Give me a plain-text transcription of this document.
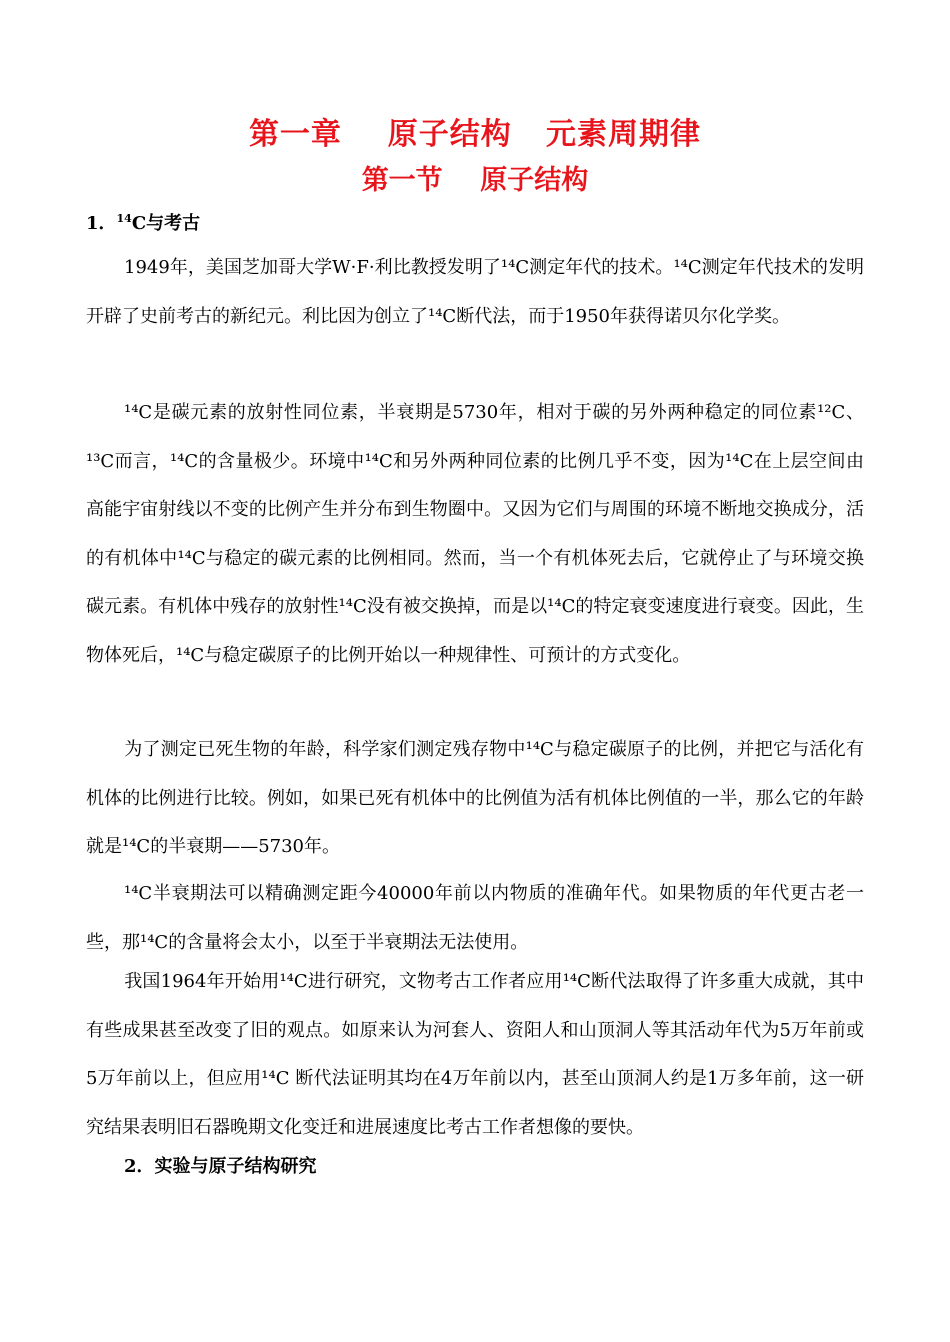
第一章    原子结构   元素周期律
第一节    原子结构
1．$^{14}$C与考古
1949年，美国芝加哥大学W·F·利比教授发明了¹⁴C测定年代的技术。¹⁴C测定年代技术的发明开辟了史前考古的新纪元。利比因为创立了¹⁴C断代法，而于1950年获得诺贝尔化学奖。
¹⁴C是碳元素的放射性同位素，半衰期是5730年，相对于碳的另外两种稳定的同位素¹²C、¹³C而言，¹⁴C的含量极少。环境中¹⁴C和另外两种同位素的比例几乎不变，因为¹⁴C在上层空间由高能宇宙射线以不变的比例产生并分布到生物圈中。又因为它们与周围的环境不断地交换成分，活的有机体中¹⁴C与稳定的碳元素的比例相同。然而，当一个有机体死去后，它就停止了与环境交换碳元素。有机体中残存的放射性¹⁴C没有被交换掉，而是以¹⁴C的特定衰变速度进行衰变。因此，生物体死后，¹⁴C与稳定碳原子的比例开始以一种规律性、可预计的方式变化。
为了测定已死生物的年龄，科学家们测定残存物中¹⁴C与稳定碳原子的比例，并把它与活化有机体的比例进行比较。例如，如果已死有机体中的比例值为活有机体比例值的一半，那么它的年龄就是¹⁴C的半衰期——5730年。
¹⁴C半衰期法可以精确测定距今40000年前以内物质的准确年代。如果物质的年代更古老一些，那¹⁴C的含量将会太小，以至于半衰期法无法使用。
我国1964年开始用¹⁴C进行研究，文物考古工作者应用¹⁴C断代法取得了许多重大成就，其中有些成果甚至改变了旧的观点。如原来认为河套人、资阳人和山顶洞人等其活动年代为5万年前或5万年前以上，但应用¹⁴C 断代法证明其均在4万年前以内，甚至山顶洞人约是1万多年前，这一研究结果表明旧石器晚期文化变迁和进展速度比考古工作者想像的要快。
2．实验与原子结构研究
